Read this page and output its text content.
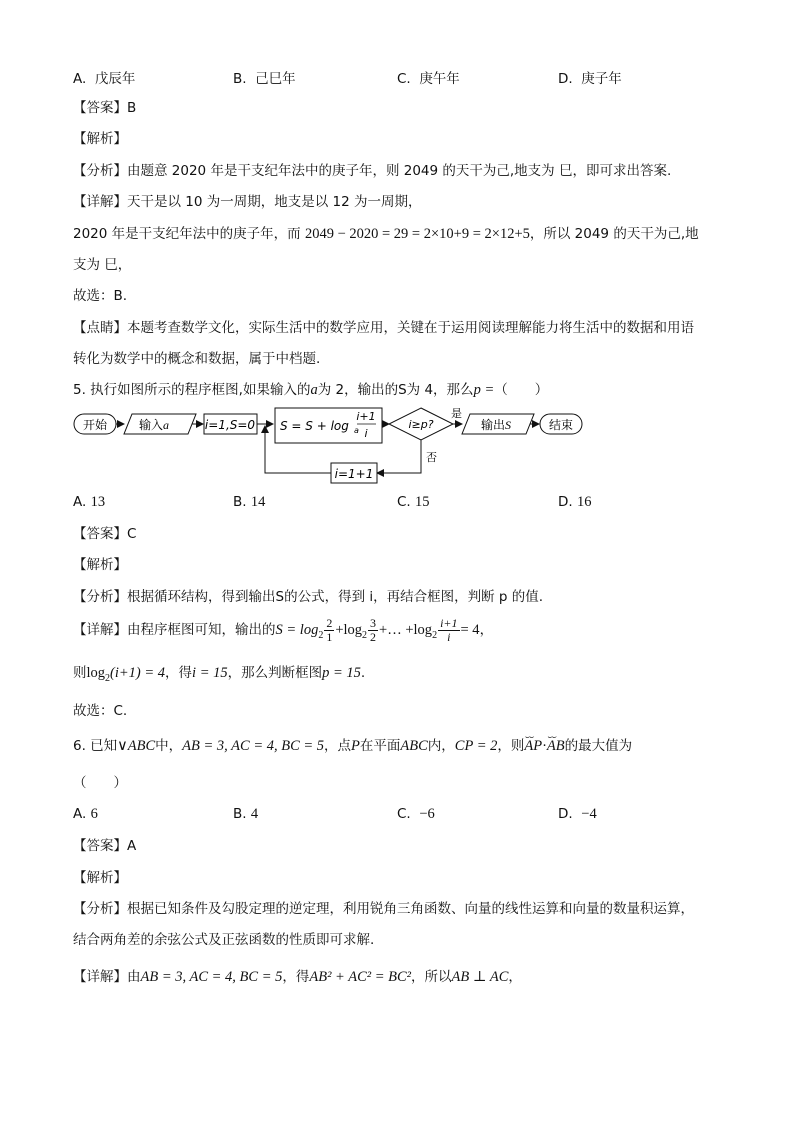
A. 戊辰年	B. 己巳年	C. 庚午年	D. 庚子年
【答案】B
【解析】
【分析】由题意 2020 年是干支纪年法中的庚子年，则 2049 的天干为己,地支为 巳，即可求出答案.
【详解】天干是以 10 为一周期，地支是以 12 为一周期，
2020 年是干支纪年法中的庚子年，而 2049 − 2020 = 29 = 2×10+9 = 2×12+5，所以 2049 的天干为己,地
支为 巳，
故选：B.
【点睛】本题考查数学文化，实际生活中的数学应用，关键在于运用阅读理解能力将生活中的数据和用语
转化为数学中的概念和数据，属于中档题.
5. 执行如图所示的程序框图,如果输入的a为 2，输出的S为 4，那么p =（　　）
开始	输入a	i=1,S=0 S = S + log a
i+1
i
i≥p?
是
输出S	结束
否
i=1+1
A. 13	B. 14	C. 15	D. 16
【答案】C
【解析】
【分析】根据循环结构，得到输出S的公式，得到 i，再结合框图，判断 p 的值.
【详解】由程序框图可知，输出的$S = \log_2 \frac{2}{1} +\log_2 \frac{3}{2}$ +… $+\log_2 \frac{i+1}{i} = 4$，
则$\log_2(i+1) = 4$，得i = 15，那么判断框图p = 15.
故选：C.
6. 已知∨ABC中，AB = 3, AC = 4, BC = 5，点P在平面ABC内，CP = 2，则⌣⌣ AP·⌣⌣ AB的最大值为
（　　）
A. 6	B. 4	C. −6	D. −4
【答案】A
【解析】
【分析】根据已知条件及勾股定理的逆定理，利用锐角三角函数、向量的线性运算和向量的数量积运算，
结合两角差的余弦公式及正弦函数的性质即可求解.
【详解】由AB = 3, AC = 4, BC = 5，得AB² + AC² = BC²，所以AB ⊥ AC，
